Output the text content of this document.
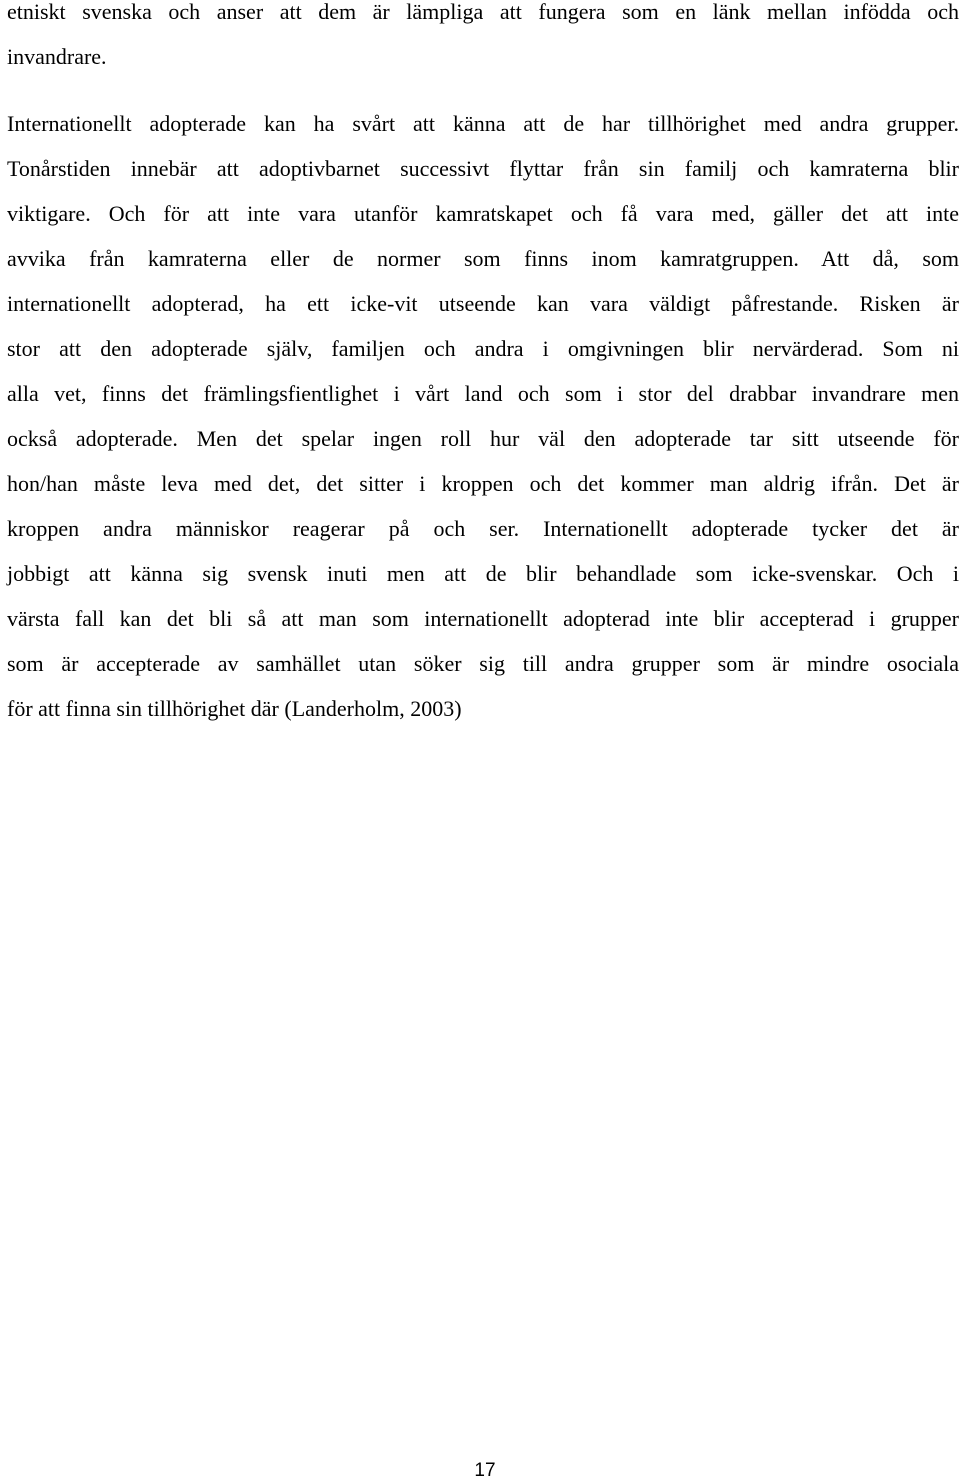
etniskt svenska och anser att dem är lämpliga att fungera som en länk mellan infödda och
invandrare.
Internationellt adopterade kan ha svårt att känna att de har tillhörighet med andra grupper.
Tonårstiden innebär att adoptivbarnet successivt flyttar från sin familj och kamraterna blir
viktigare. Och för att inte vara utanför kamratskapet och få vara med, gäller det att inte
avvika från kamraterna eller de normer som finns inom kamratgruppen. Att då, som
internationellt adopterad, ha ett icke-vit utseende kan vara väldigt påfrestande. Risken är
stor att den adopterade själv, familjen och andra i omgivningen blir nervärderad. Som ni
alla vet, finns det främlingsfientlighet i vårt land och som i stor del drabbar invandrare men
också adopterade. Men det spelar ingen roll hur väl den adopterade tar sitt utseende för
hon/han måste leva med det, det sitter i kroppen och det kommer man aldrig ifrån. Det är
kroppen andra människor reagerar på och ser. Internationellt adopterade tycker det är
jobbigt att känna sig svensk inuti men att de blir behandlade som icke-svenskar. Och i
värsta fall kan det bli så att man som internationellt adopterad inte blir accepterad i grupper
som är accepterade av samhället utan söker sig till andra grupper som är mindre osociala
för att finna sin tillhörighet där (Landerholm, 2003)
17
